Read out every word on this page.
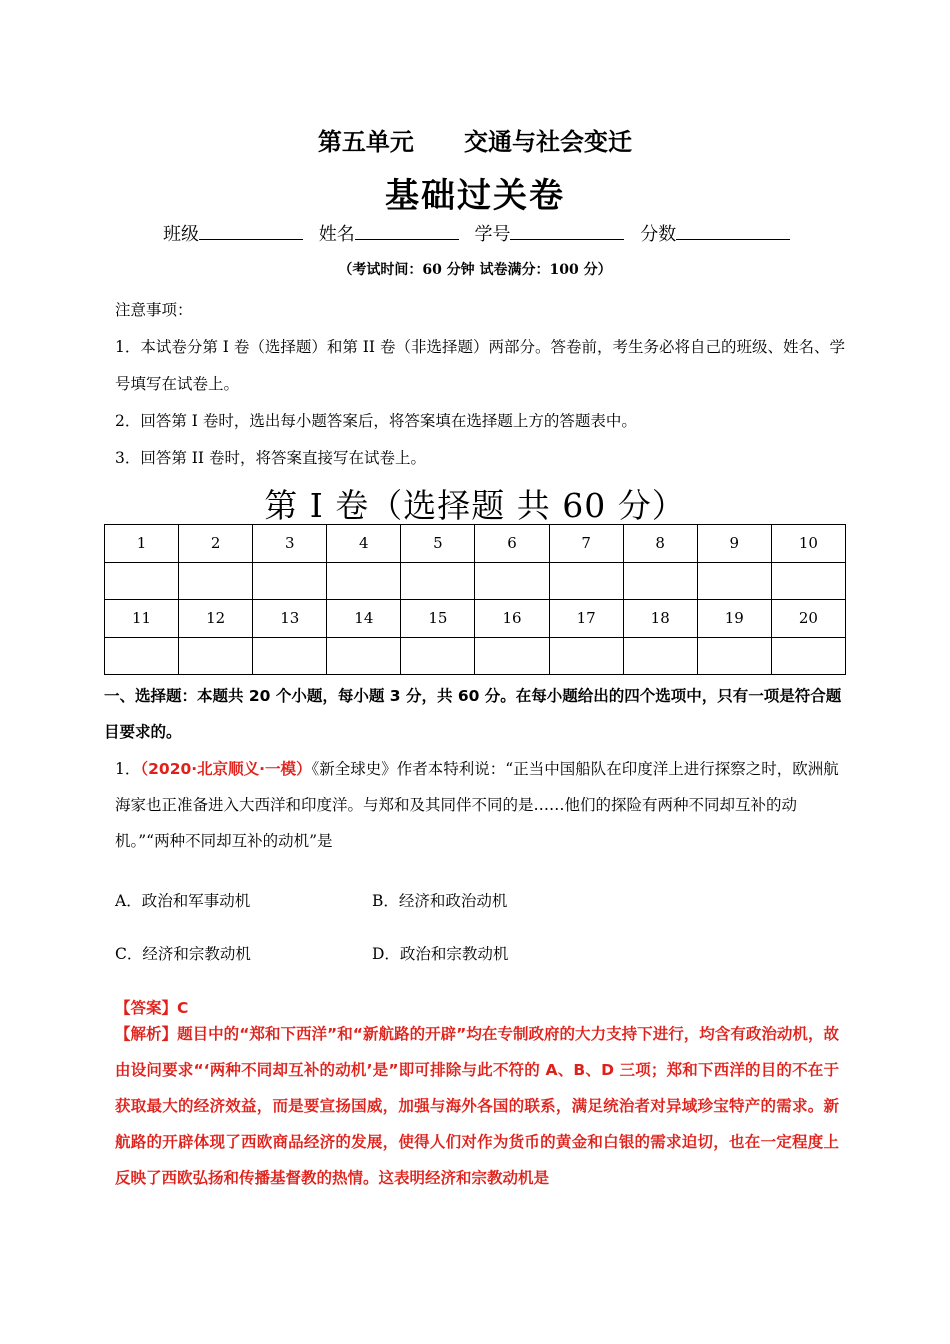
第五单元      交通与社会变迁
基础过关卷
班级	姓名	学号	分数
（考试时间：60 分钟 试卷满分：100 分）

注意事项：

1．本试卷分第 I 卷（选择题）和第 II 卷（非选择题）两部分。答卷前，考生务必将自己的班级、姓名、学号填写在试卷上。

2．回答第 I 卷时，选出每小题答案后，将答案填在选择题上方的答题表中。

3．回答第 II 卷时，将答案直接写在试卷上。

第 I 卷（选择题 共 60 分）
1	2	3	4	5	6	7	8	9	10

11	12	13	14	15	16	17	18	19	20

一、选择题：本题共 20 个小题，每小题 3 分，共 60 分。在每小题给出的四个选项中，只有一项是符合题目要求的。
1．（2020·北京顺义·一模）《新全球史》作者本特利说：“正当中国船队在印度洋上进行探察之时，欧洲航海家也正准备进入大西洋和印度洋。与郑和及其同伴不同的是……他们的探险有两种不同却互补的动机。”“两种不同却互补的动机”是
A．政治和军事动机	B．经济和政治动机
C．经济和宗教动机	D．政治和宗教动机
【答案】C
【解析】题目中的“郑和下西洋”和“新航路的开辟”均在专制政府的大力支持下进行，均含有政治动机，故由设问要求“‘两种不同却互补的动机’是”即可排除与此不符的 A、B、D 三项；郑和下西洋的目的不在于获取最大的经济效益，而是要宣扬国威，加强与海外各国的联系，满足统治者对异域珍宝特产的需求。新航路的开辟体现了西欧商品经济的发展，使得人们对作为货币的黄金和白银的需求迫切，也在一定程度上反映了西欧弘扬和传播基督教的热情。这表明经济和宗教动机是
